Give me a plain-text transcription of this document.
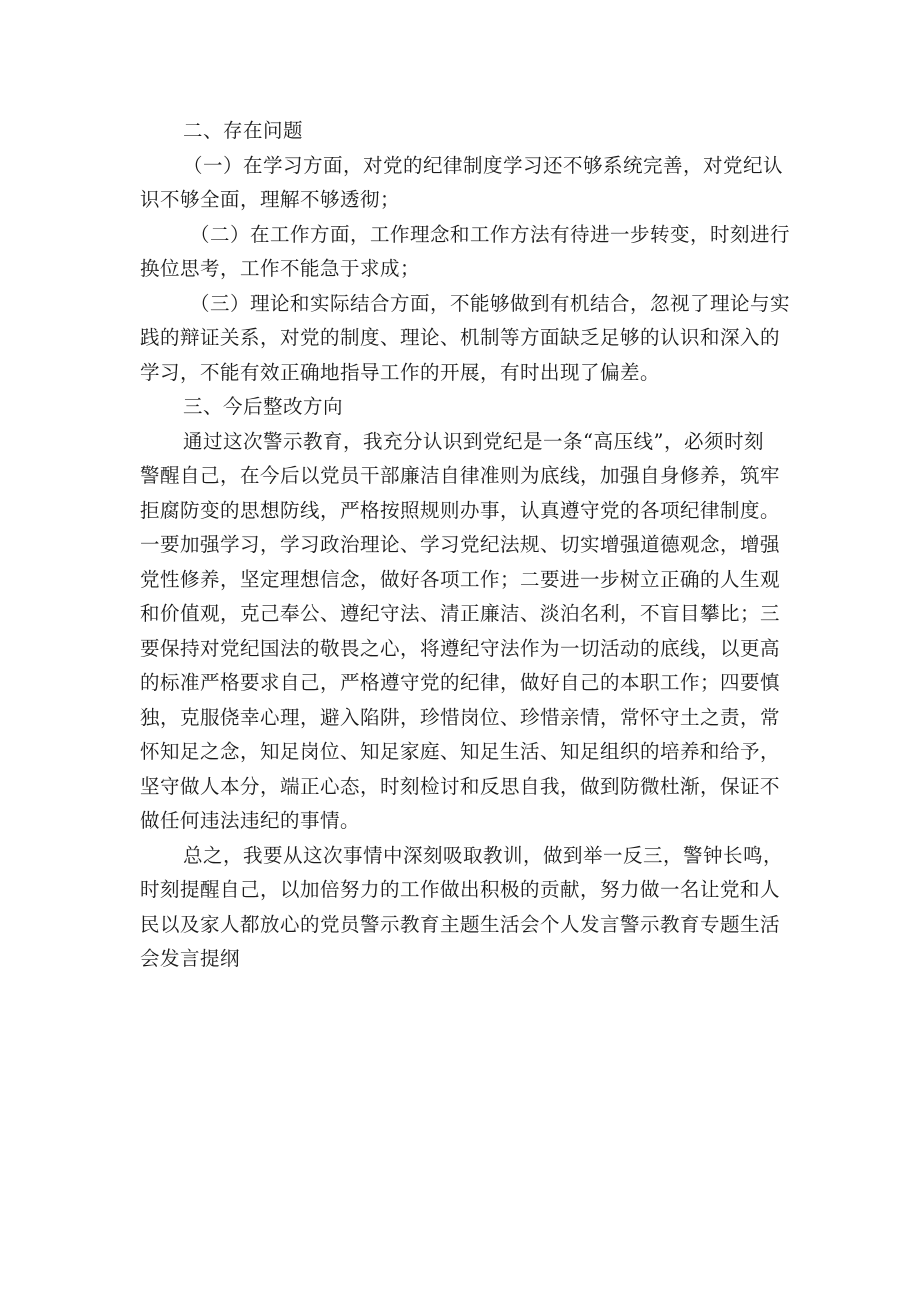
二、存在问题
（一）在学习方面，对党的纪律制度学习还不够系统完善，对党纪认
识不够全面，理解不够透彻；
（二）在工作方面，工作理念和工作方法有待进一步转变，时刻进行
换位思考，工作不能急于求成；
（三）理论和实际结合方面，不能够做到有机结合，忽视了理论与实
践的辩证关系，对党的制度、理论、机制等方面缺乏足够的认识和深入的
学习，不能有效正确地指导工作的开展，有时出现了偏差。
三、今后整改方向
通过这次警示教育，我充分认识到党纪是一条“高压线”，必须时刻
警醒自己，在今后以党员干部廉洁自律准则为底线，加强自身修养，筑牢
拒腐防变的思想防线，严格按照规则办事，认真遵守党的各项纪律制度。
一要加强学习，学习政治理论、学习党纪法规、切实增强道德观念，增强
党性修养，坚定理想信念，做好各项工作；二要进一步树立正确的人生观
和价值观，克己奉公、遵纪守法、清正廉洁、淡泊名利，不盲目攀比；三
要保持对党纪国法的敬畏之心，将遵纪守法作为一切活动的底线，以更高
的标准严格要求自己，严格遵守党的纪律，做好自己的本职工作；四要慎
独，克服侥幸心理，避入陷阱，珍惜岗位、珍惜亲情，常怀守土之责，常
怀知足之念，知足岗位、知足家庭、知足生活、知足组织的培养和给予，
坚守做人本分，端正心态，时刻检讨和反思自我，做到防微杜渐，保证不
做任何违法违纪的事情。
总之，我要从这次事情中深刻吸取教训，做到举一反三，警钟长鸣，
时刻提醒自己，以加倍努力的工作做出积极的贡献，努力做一名让党和人
民以及家人都放心的党员警示教育主题生活会个人发言警示教育专题生活
会发言提纲
